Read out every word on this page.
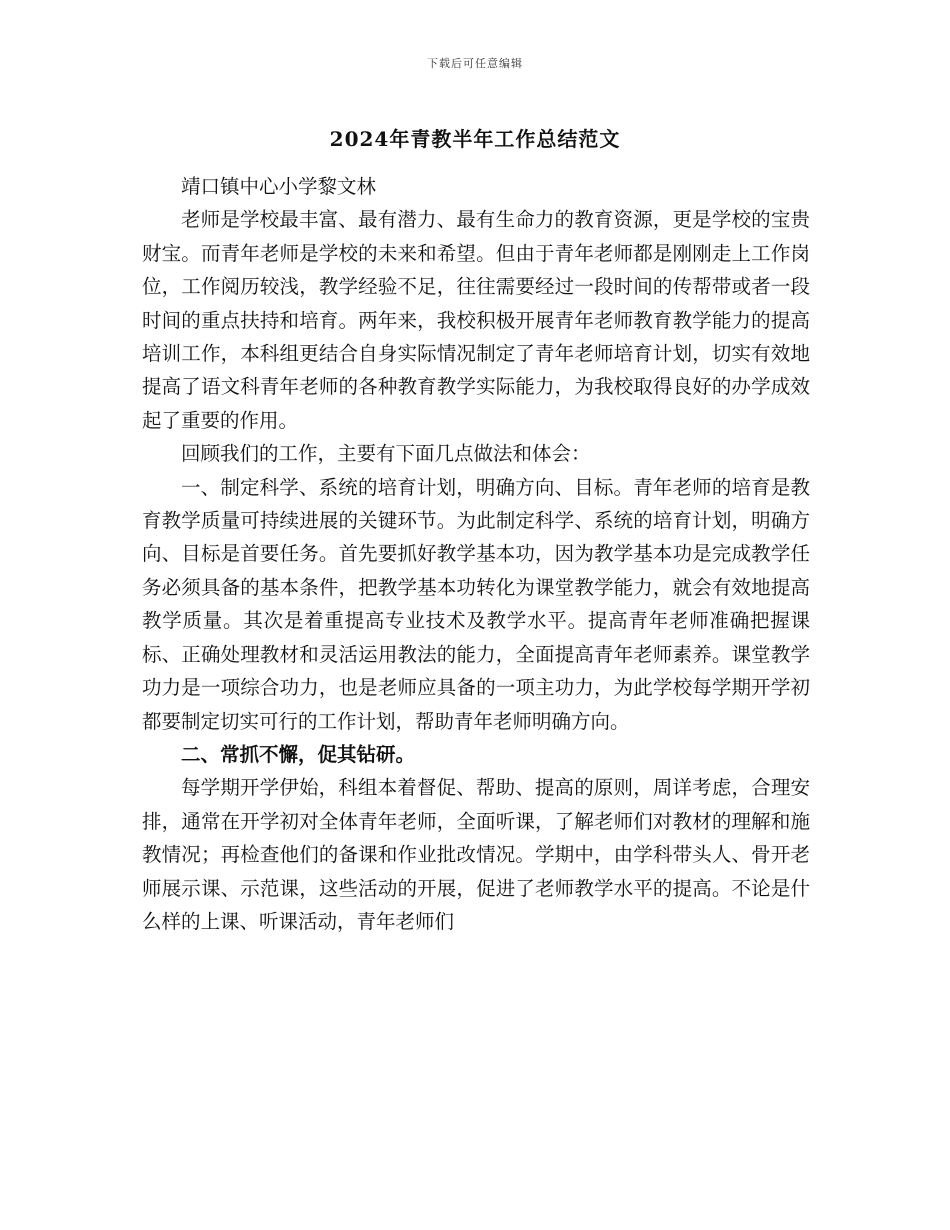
下载后可任意编辑
2024年青教半年工作总结范文

靖口镇中心小学黎文林

老师是学校最丰富、最有潜力、最有生命力的教育资源，更是学校的宝贵财宝。而青年老师是学校的未来和希望。但由于青年老师都是刚刚走上工作岗位，工作阅历较浅，教学经验不足，往往需要经过一段时间的传帮带或者一段时间的重点扶持和培育。两年来，我校积极开展青年老师教育教学能力的提高培训工作，本科组更结合自身实际情况制定了青年老师培育计划，切实有效地提高了语文科青年老师的各种教育教学实际能力，为我校取得良好的办学成效起了重要的作用。

回顾我们的工作，主要有下面几点做法和体会：

一、制定科学、系统的培育计划，明确方向、目标。青年老师的培育是教育教学质量可持续进展的关键环节。为此制定科学、系统的培育计划，明确方向、目标是首要任务。首先要抓好教学基本功，因为教学基本功是完成教学任务必须具备的基本条件，把教学基本功转化为课堂教学能力，就会有效地提高教学质量。其次是着重提高专业技术及教学水平。提高青年老师准确把握课标、正确处理教材和灵活运用教法的能力，全面提高青年老师素养。课堂教学功力是一项综合功力，也是老师应具备的一项主功力，为此学校每学期开学初都要制定切实可行的工作计划，帮助青年老师明确方向。

二、常抓不懈，促其钻研。

每学期开学伊始，科组本着督促、帮助、提高的原则，周详考虑，合理安排，通常在开学初对全体青年老师，全面听课，了解老师们对教材的理解和施教情况；再检查他们的备课和作业批改情况。学期中，由学科带头人、骨开老师展示课、示范课，这些活动的开展，促进了老师教学水平的提高。不论是什么样的上课、听课活动，青年老师们
